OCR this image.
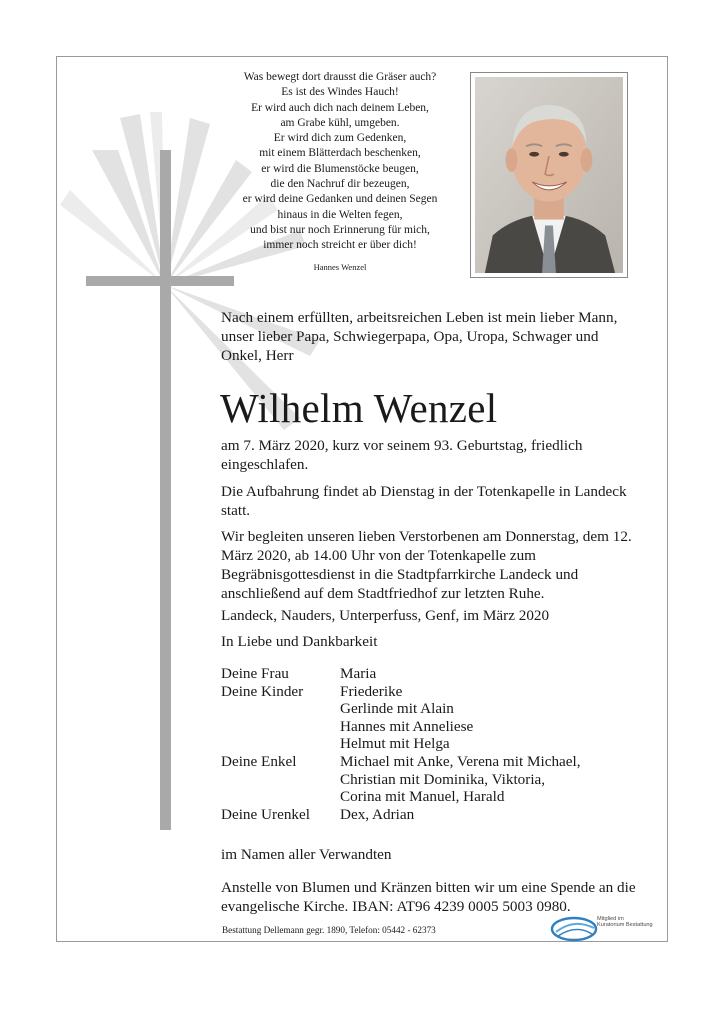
Was bewegt dort drausst die Gräser auch?
Es ist des Windes Hauch!
Er wird auch dich nach deinem Leben,
am Grabe kühl, umgeben.
Er wird dich zum Gedenken,
mit einem Blätterdach beschenken,
er wird die Blumenstöcke beugen,
die den Nachruf dir bezeugen,
er wird deine Gedanken und deinen Segen
hinaus in die Welten fegen,
und bist nur noch Erinnerung für mich,
immer noch streicht er über dich!
Hannes Wenzel
Nach einem erfüllten, arbeitsreichen Leben ist mein lieber Mann, unser lieber Papa, Schwiegerpapa, Opa, Uropa, Schwager und Onkel, Herr
Wilhelm Wenzel
am 7. März 2020, kurz vor seinem 93. Geburtstag, friedlich eingeschlafen.
Die Aufbahrung findet ab Dienstag in der Totenkapelle in Landeck statt.
Wir begleiten unseren lieben Verstorbenen am Donnerstag, dem 12. März 2020, ab 14.00 Uhr von der Totenkapelle zum Begräbnisgottesdienst in die Stadtpfarrkirche Landeck und anschließend auf dem Stadtfriedhof zur letzten Ruhe.
Landeck, Nauders, Unterperfuss, Genf, im März 2020
In Liebe und Dankbarkeit
Deine Frau	Maria
Deine Kinder	Friederike
Gerlinde mit Alain
Hannes mit Anneliese
Helmut mit Helga
Deine Enkel	Michael mit Anke, Verena mit Michael,
Christian mit Dominika, Viktoria,
Corina mit Manuel, Harald
Deine Urenkel	Dex, Adrian
im Namen aller Verwandten
Anstelle von Blumen und Kränzen bitten wir um eine Spende an die evangelische Kirche. IBAN: AT96 4239 0005 5003 0980.
Bestattung Dellemann gegr. 1890, Telefon: 05442 - 62373
Mitglied im
Kuratorium Bestattung
